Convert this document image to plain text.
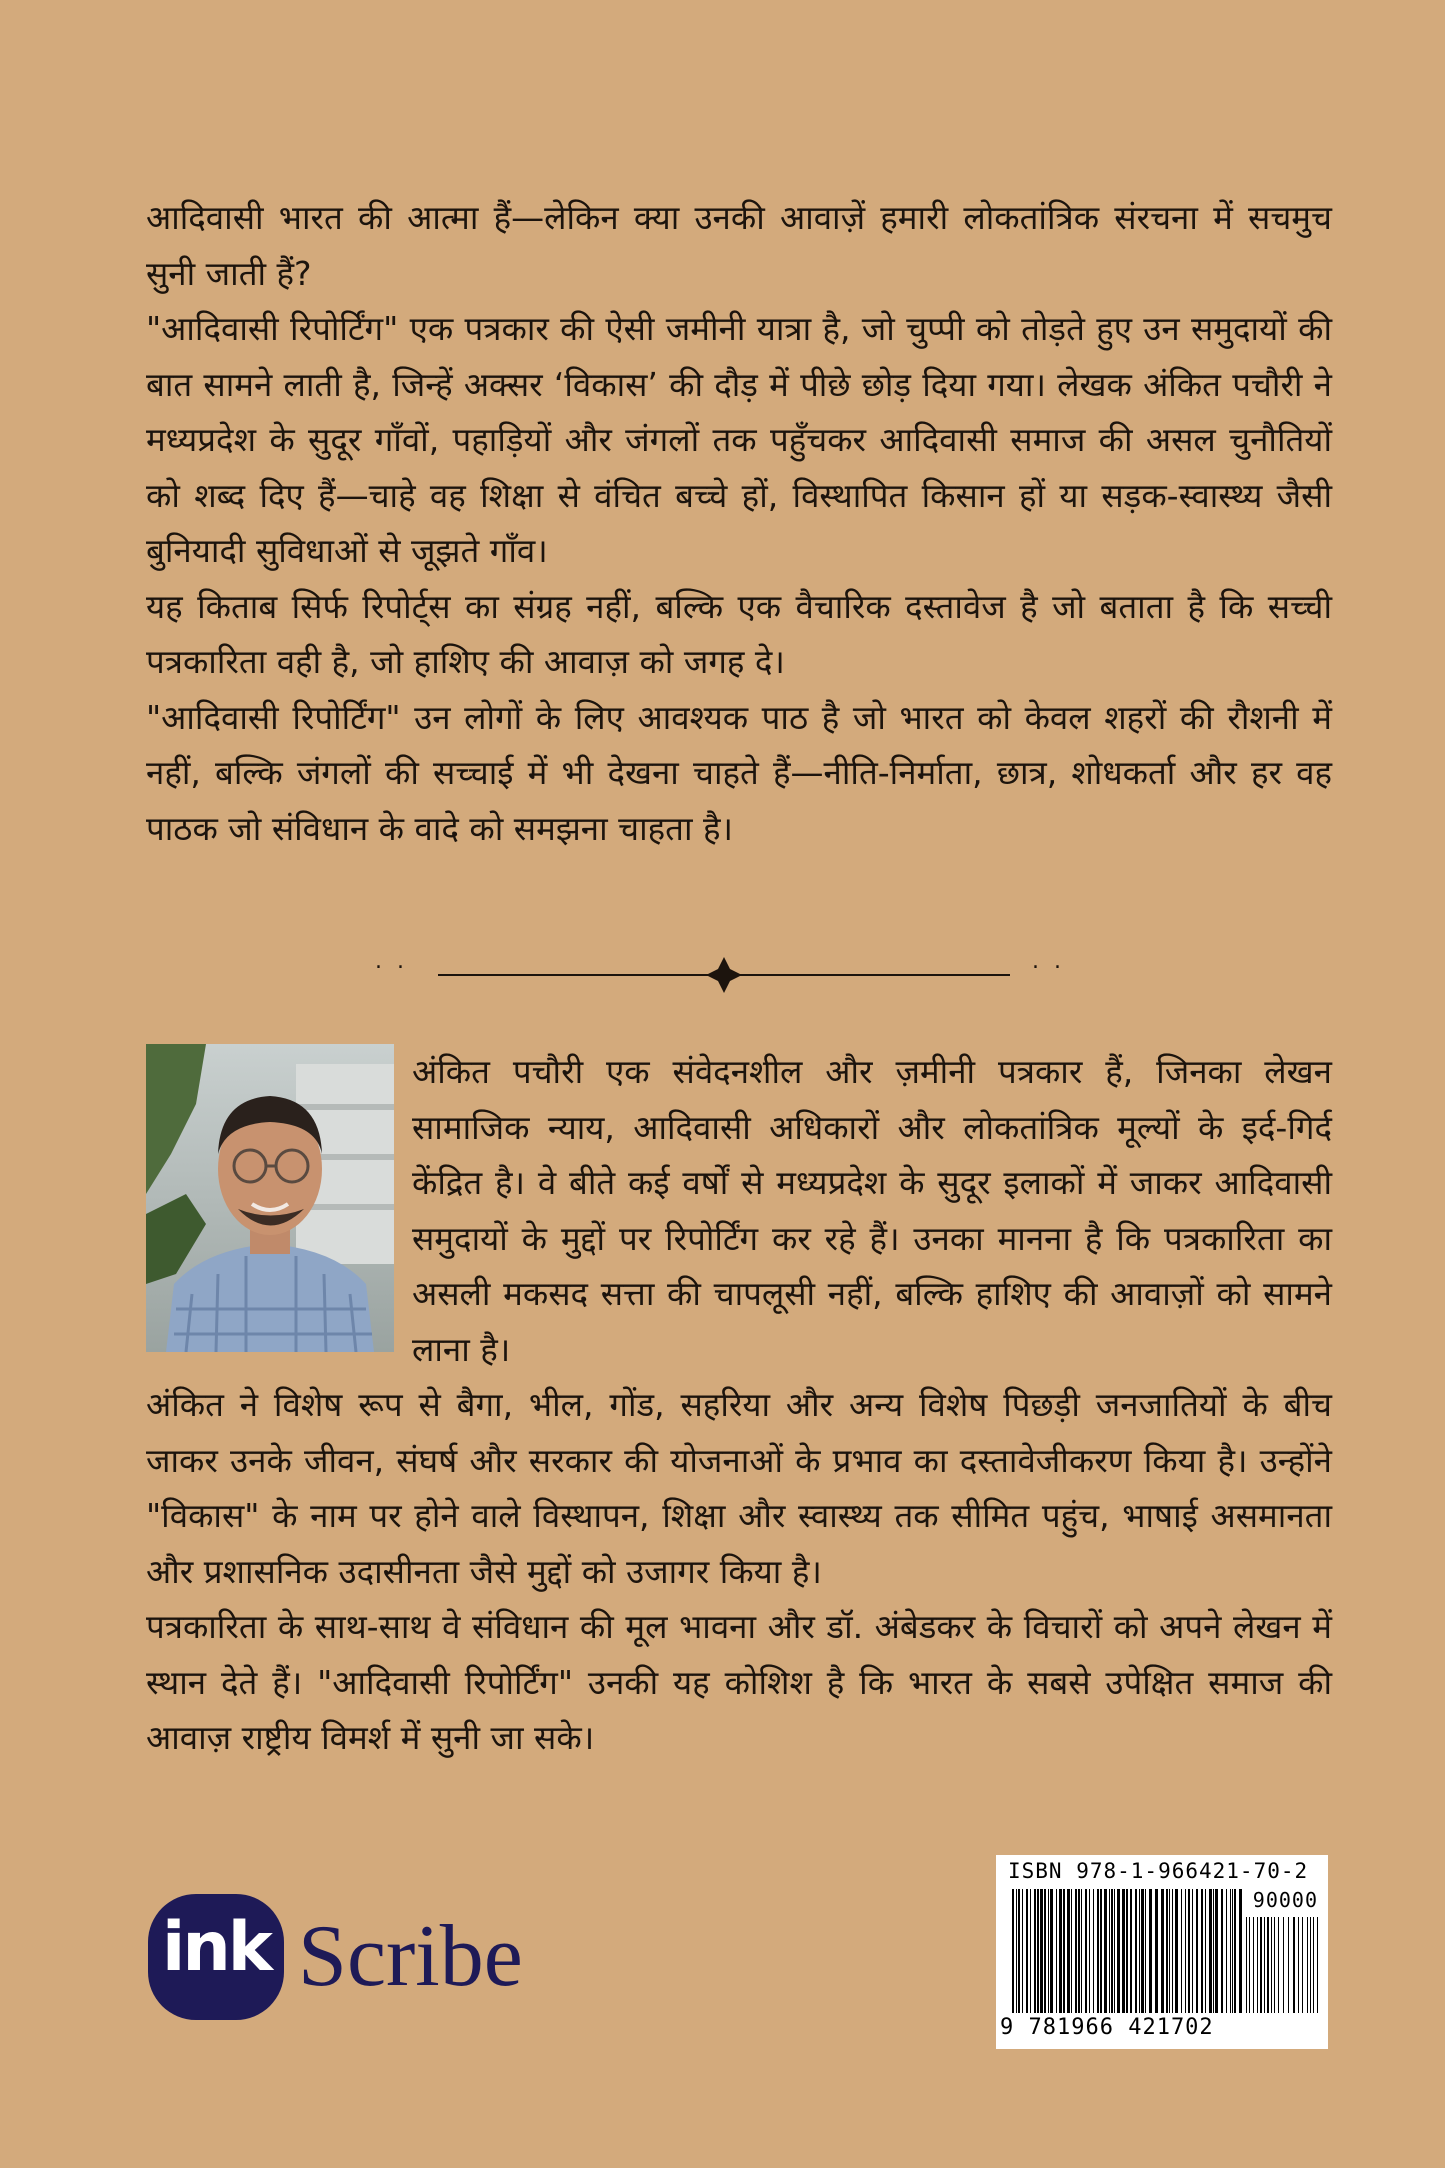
आदिवासी भारत की आत्मा हैं—लेकिन क्या उनकी आवाज़ें हमारी लोकतांत्रिक संरचना में सचमुच सुनी जाती हैं?

"आदिवासी रिपोर्टिंग" एक पत्रकार की ऐसी जमीनी यात्रा है, जो चुप्पी को तोड़ते हुए उन समुदायों की बात सामने लाती है, जिन्हें अक्सर ‘विकास’ की दौड़ में पीछे छोड़ दिया गया। लेखक अंकित पचौरी ने मध्यप्रदेश के सुदूर गाँवों, पहाड़ियों और जंगलों तक पहुँचकर आदिवासी समाज की असल चुनौतियों को शब्द दिए हैं—चाहे वह शिक्षा से वंचित बच्चे हों, विस्थापित किसान हों या सड़क-स्वास्थ्य जैसी बुनियादी सुविधाओं से जूझते गाँव।

यह किताब सिर्फ रिपोर्ट्स का संग्रह नहीं, बल्कि एक वैचारिक दस्तावेज है जो बताता है कि सच्ची पत्रकारिता वही है, जो हाशिए की आवाज़ को जगह दे।

"आदिवासी रिपोर्टिंग" उन लोगों के लिए आवश्यक पाठ है जो भारत को केवल शहरों की रौशनी में नहीं, बल्कि जंगलों की सच्चाई में भी देखना चाहते हैं—नीति-निर्माता, छात्र, शोधकर्ता और हर वह पाठक जो संविधान के वादे को समझना चाहता है।

. .	. .

अंकित पचौरी एक संवेदनशील और ज़मीनी पत्रकार हैं, जिनका लेखन सामाजिक न्याय, आदिवासी अधिकारों और लोकतांत्रिक मूल्यों के इर्द-गिर्द केंद्रित है। वे बीते कई वर्षों से मध्यप्रदेश के सुदूर इलाकों में जाकर आदिवासी समुदायों के मुद्दों पर रिपोर्टिंग कर रहे हैं। उनका मानना है कि पत्रकारिता का असली मकसद सत्ता की चापलूसी नहीं, बल्कि हाशिए की आवाज़ों को सामने लाना है।

अंकित ने विशेष रूप से बैगा, भील, गोंड, सहरिया और अन्य विशेष पिछड़ी जनजातियों के बीच जाकर उनके जीवन, संघर्ष और सरकार की योजनाओं के प्रभाव का दस्तावेजीकरण किया है। उन्होंने "विकास" के नाम पर होने वाले विस्थापन, शिक्षा और स्वास्थ्य तक सीमित पहुंच, भाषाई असमानता और प्रशासनिक उदासीनता जैसे मुद्दों को उजागर किया है।

पत्रकारिता के साथ-साथ वे संविधान की मूल भावना और डॉ. अंबेडकर के विचारों को अपने लेखन में स्थान देते हैं। "आदिवासी रिपोर्टिंग" उनकी यह कोशिश है कि भारत के सबसे उपेक्षित समाज की आवाज़ राष्ट्रीय विमर्श में सुनी जा सके।

ink Scribe
ISBN 978-1-966421-70-2
90000
9 781966 421702
